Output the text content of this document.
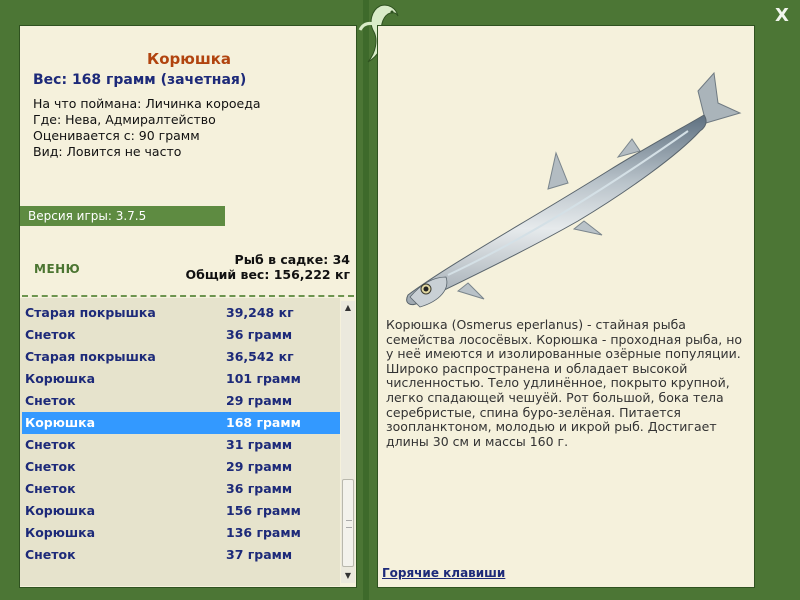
X
Корюшка
Вес: 168 грамм (зачетная)
На что поймана: Личинка короеда
Где: Нева, Адмиралтейство
Оценивается с: 90 грамм
Вид: Ловится не часто
Версия игры: 3.7.5
МЕНЮ
Рыб в садке: 34
Общий вес: 156,222 кг
Старая покрышка	39,248 кг
Снеток	36 грамм
Старая покрышка	36,542 кг
Корюшка	101 грамм
Снеток	29 грамм
Корюшка	168 грамм
Снеток	31 грамм
Снеток	29 грамм
Снеток	36 грамм
Корюшка	156 грамм
Корюшка	136 грамм
Снеток	37 грамм
▲
▼
Корюшка (Osmerus eperlanus) - стайная рыба семейства лососёвых. Корюшка - проходная рыба, но у неё имеются и изолированные озёрные популяции. Широко распространена и обладает высокой численностью. Тело удлинённое, покрыто крупной, легко спадающей чешуёй. Рот большой, бока тела серебристые, спина буро-зелёная. Питается зоопланктоном, молодью и икрой рыб. Достигает длины 30 см и массы 160 г.
Горячие клавиши
